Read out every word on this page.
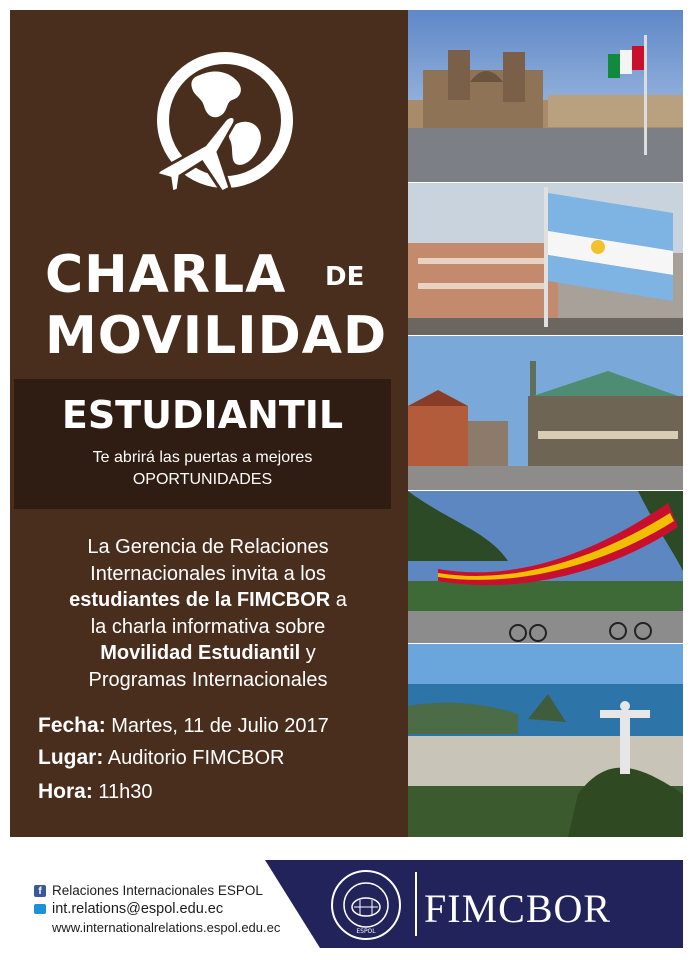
CHARLA DE
MOVILIDAD
ESTUDIANTIL
Te abrirá las puertas a mejores
OPORTUNIDADES
La Gerencia de Relaciones
Internacionales invita a los
estudiantes de la FIMCBOR a
la charla informativa sobre
Movilidad Estudiantil y
Programas Internacionales
Fecha: Martes, 11 de Julio 2017
Lugar: Auditorio FIMCBOR
Hora: 11h30
f Relaciones Internacionales ESPOL
int.relations@espol.edu.ec
www.internationalrelations.espol.edu.ec	ESPOL
FIMCBOR
